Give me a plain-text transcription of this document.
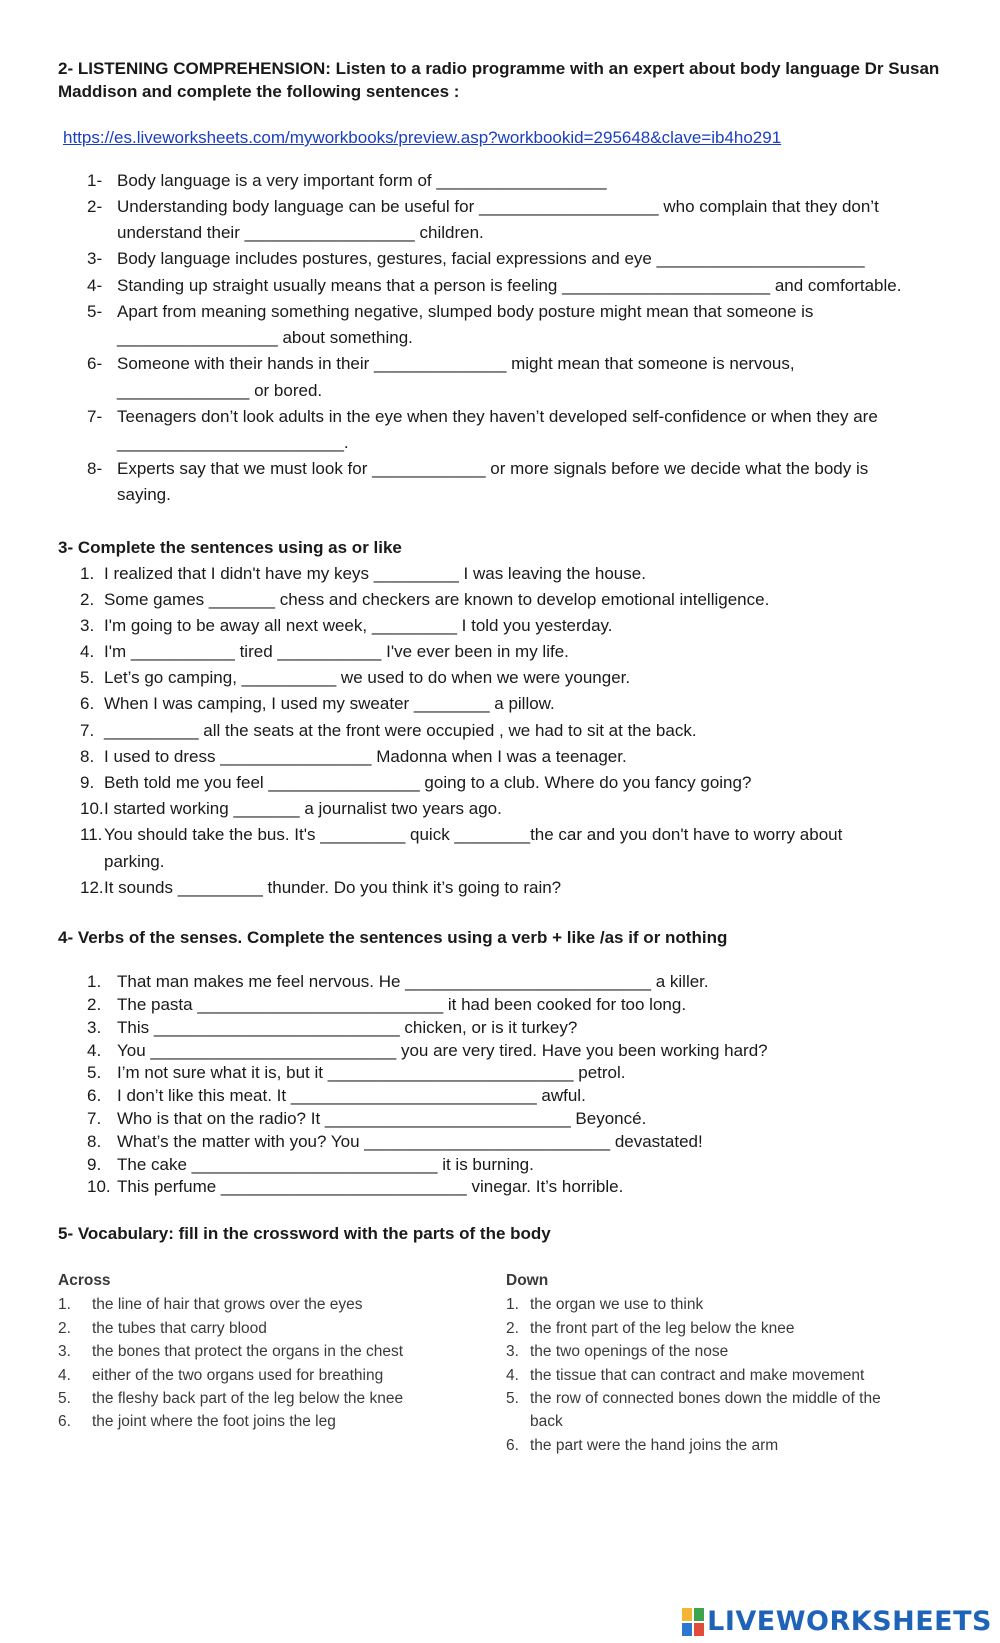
2- LISTENING COMPREHENSION: Listen to a radio programme with an expert about body language Dr Susan
Maddison and complete the following sentences :
https://es.liveworksheets.com/myworkbooks/preview.asp?workbookid=295648&clave=ib4ho291
1- Body language is a very important form of __________________
2- Understanding body language can be useful for ___________________ who complain that they don’t
understand their __________________ children.
3- Body language includes postures, gestures, facial expressions and eye ______________________
4- Standing up straight usually means that a person is feeling ______________________ and comfortable.
5- Apart from meaning something negative, slumped body posture might mean that someone is
_________________ about something.
6- Someone with their hands in their ______________ might mean that someone is nervous,
______________ or bored.
7- Teenagers don’t look adults in the eye when they haven’t developed self-confidence or when they are
________________________.
8- Experts say that we must look for ____________ or more signals before we decide what the body is
saying.
3- Complete the sentences using as or like
1. I realized that I didn't have my keys _________ I was leaving the house.
2. Some games _______ chess and checkers are known to develop emotional intelligence.
3. I'm going to be away all next week, _________ I told you yesterday.
4. I'm ___________ tired ___________ I've ever been in my life.
5. Let’s go camping, __________ we used to do when we were younger.
6. When I was camping, I used my sweater ________ a pillow.
7. __________ all the seats at the front were occupied , we had to sit at the back.
8. I used to dress ________________ Madonna when I was a teenager.
9. Beth told me you feel ________________ going to a club. Where do you fancy going?
10. I started working _______ a journalist two years ago.
11. You should take the bus. It's _________ quick ________the car and you don't have to worry about
parking.
12. It sounds _________ thunder. Do you think it’s going to rain?
4- Verbs of the senses. Complete the sentences using a verb + like /as if or nothing
1. That man makes me feel nervous. He __________________________ a killer.
2. The pasta __________________________ it had been cooked for too long.
3. This __________________________ chicken, or is it turkey?
4. You __________________________ you are very tired. Have you been working hard?
5. I’m not sure what it is, but it __________________________ petrol.
6. I don’t like this meat. It __________________________ awful.
7. Who is that on the radio? It __________________________ Beyoncé.
8. What’s the matter with you? You __________________________ devastated!
9. The cake __________________________ it is burning.
10. This perfume __________________________ vinegar. It’s horrible.
5- Vocabulary: fill in the crossword with the parts of the body
Across	Down
1. the line of hair that grows over the eyes
2. the tubes that carry blood
3. the bones that protect the organs in the chest
4. either of the two organs used for breathing
5. the fleshy back part of the leg below the knee
6. the joint where the foot joins the leg
1. the organ we use to think
2. the front part of the leg below the knee
3. the two openings of the nose
4. the tissue that can contract and make movement
5. the row of connected bones down the middle of the
back
6. the part were the hand joins the arm
LIVEWORKSHEETS
